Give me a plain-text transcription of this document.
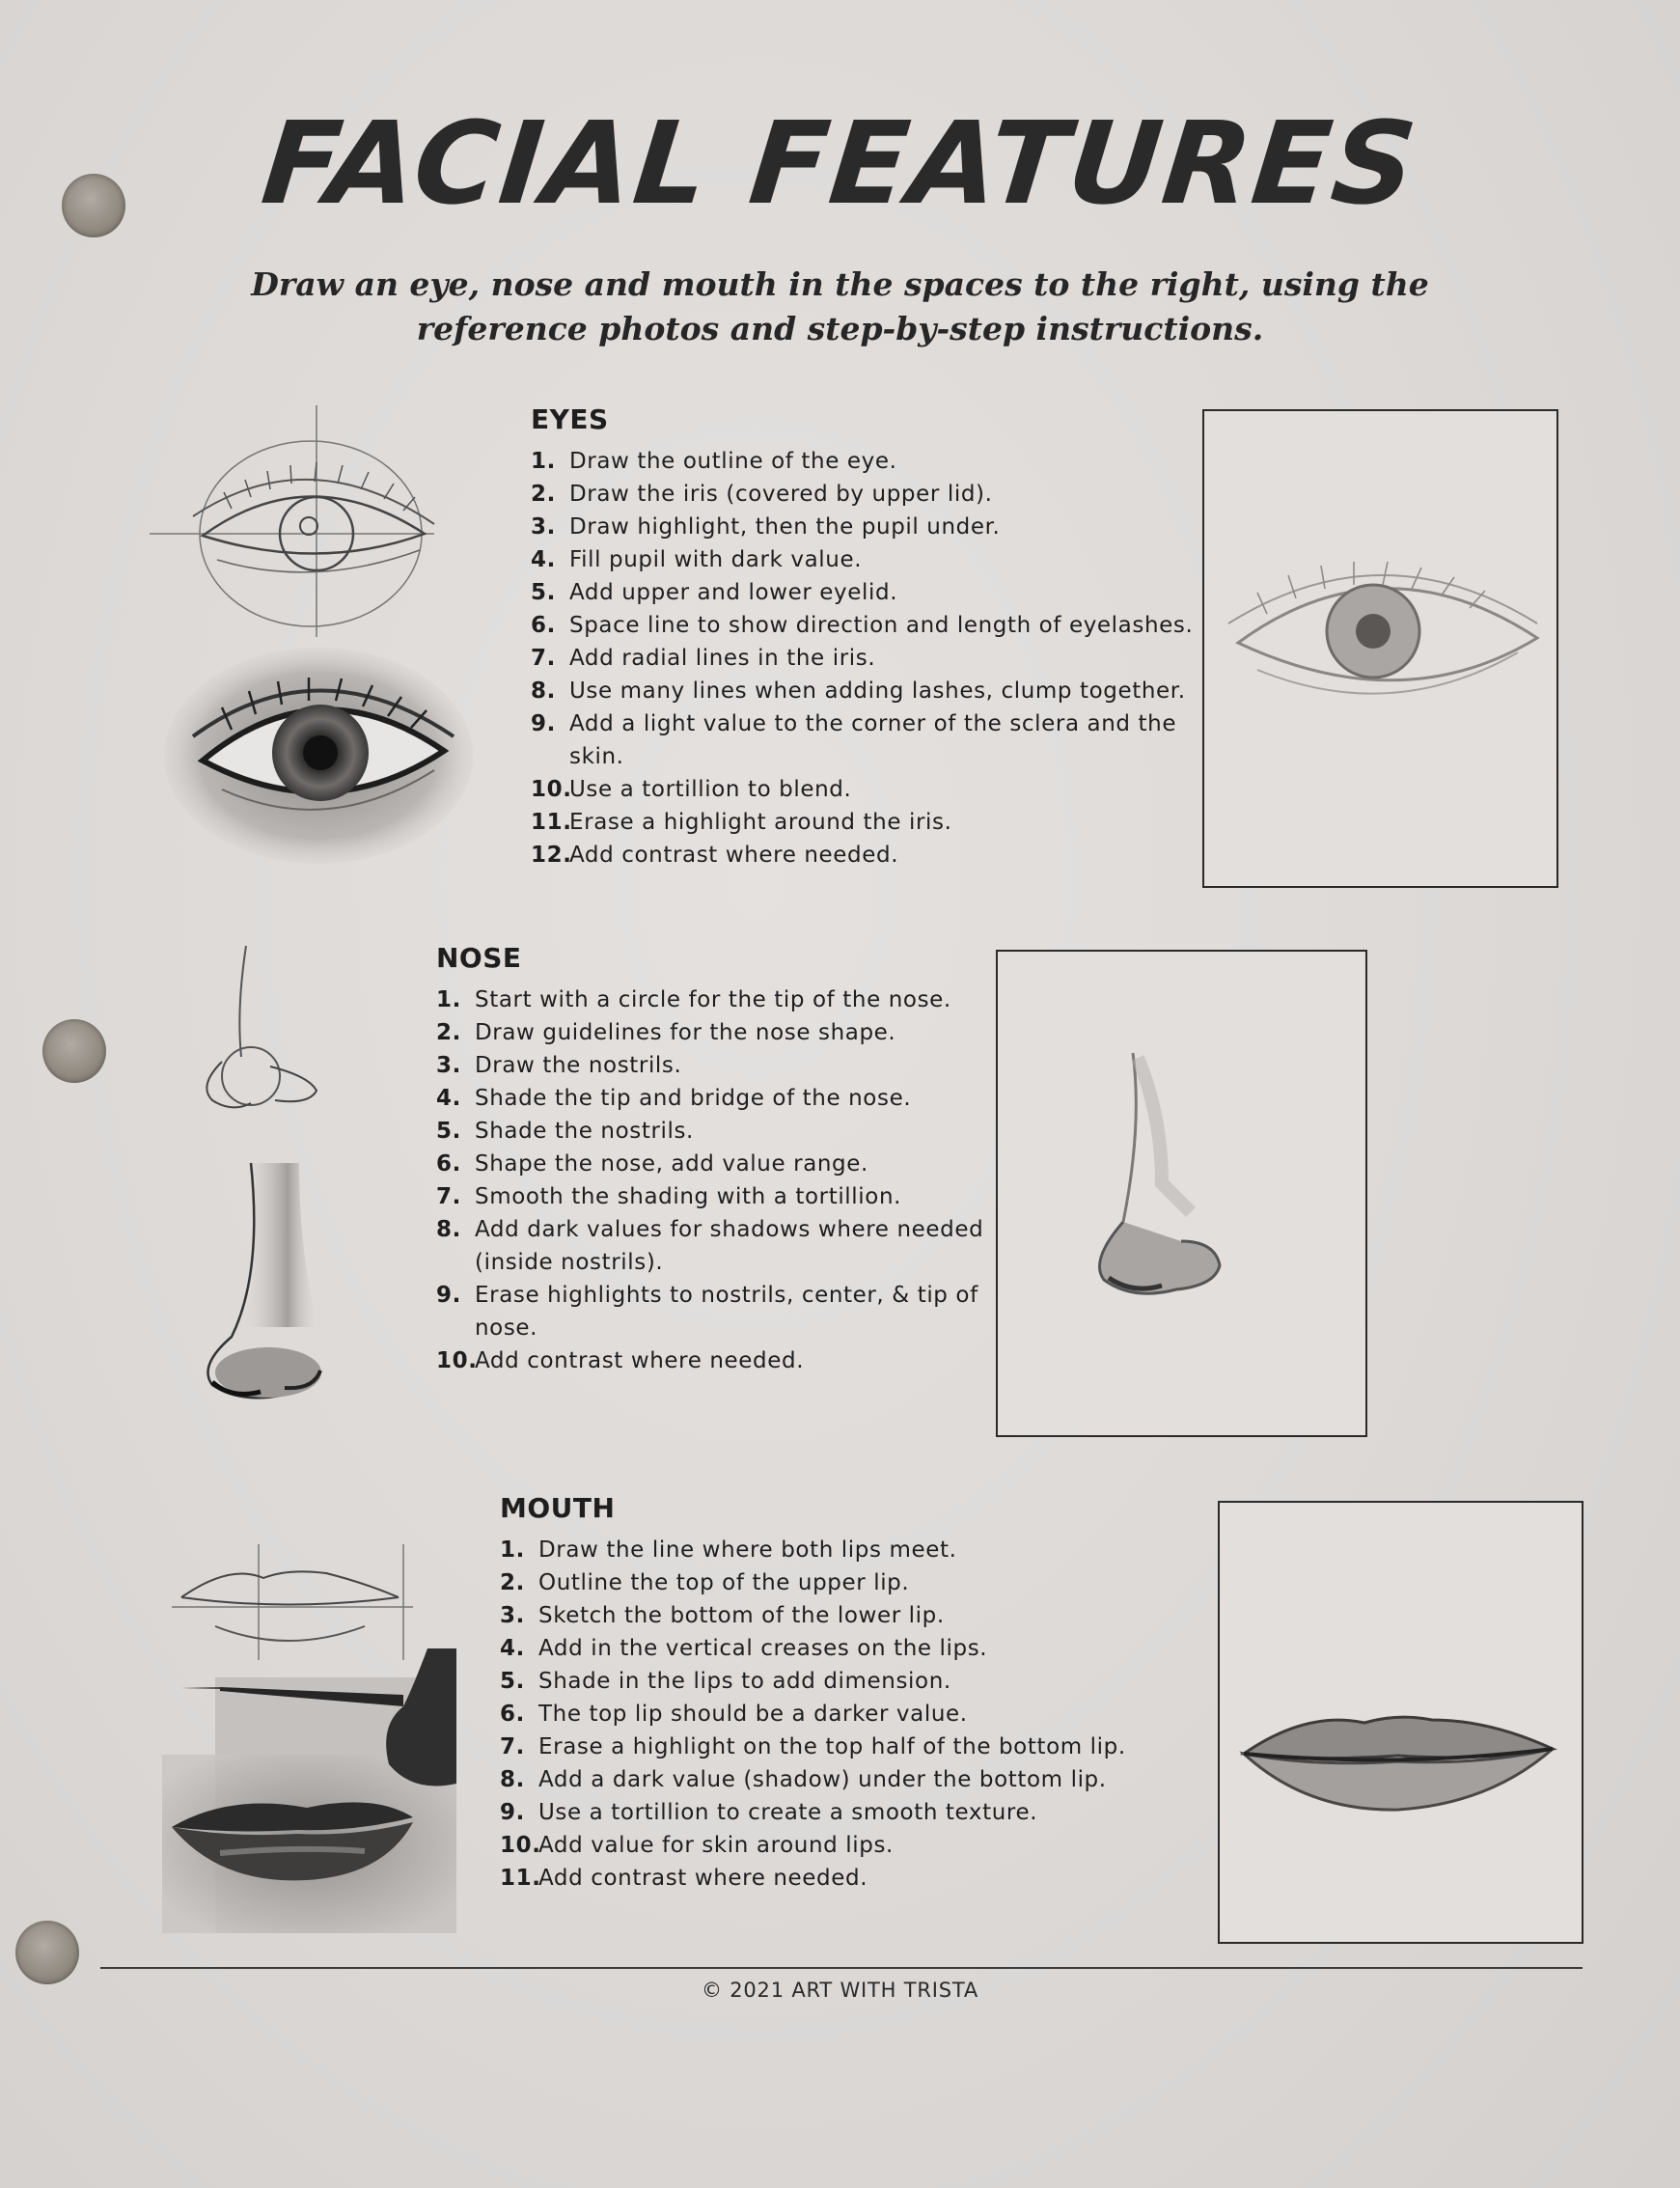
FACIAL FEATURES
Draw an eye, nose and mouth in the spaces to the right, using the
reference photos and step-by-step instructions.
EYES
1. Draw the outline of the eye.
2. Draw the iris (covered by upper lid).
3. Draw highlight, then the pupil under.
4. Fill pupil with dark value.
5. Add upper and lower eyelid.
6. Space line to show direction and length of eyelashes.
7. Add radial lines in the iris.
8. Use many lines when adding lashes, clump together.
9. Add a light value to the corner of the sclera and the skin.
10.
Use a tortillion to blend.
11.
Erase a highlight around the iris.
12.
Add contrast where needed.
NOSE
1. Start with a circle for the tip of the nose.
2. Draw guidelines for the nose shape.
3. Draw the nostrils.
4. Shade the tip and bridge of the nose.
5. Shade the nostrils.
6. Shape the nose, add value range.
7. Smooth the shading with a tortillion.
8. Add dark values for shadows where needed (inside nostrils).
9. Erase highlights to nostrils, center, & tip of nose.
10.
Add contrast where needed.
MOUTH
1. Draw the line where both lips meet.
2. Outline the top of the upper lip.
3. Sketch the bottom of the lower lip.
4. Add in the vertical creases on the lips.
5. Shade in the lips to add dimension.
6. The top lip should be a darker value.
7. Erase a highlight on the top half of the bottom lip.
8. Add a dark value (shadow) under the bottom lip.
9. Use a tortillion to create a smooth texture.
10.
Add value for skin around lips.
11.
Add contrast where needed.
© 2021 ART WITH TRISTA
